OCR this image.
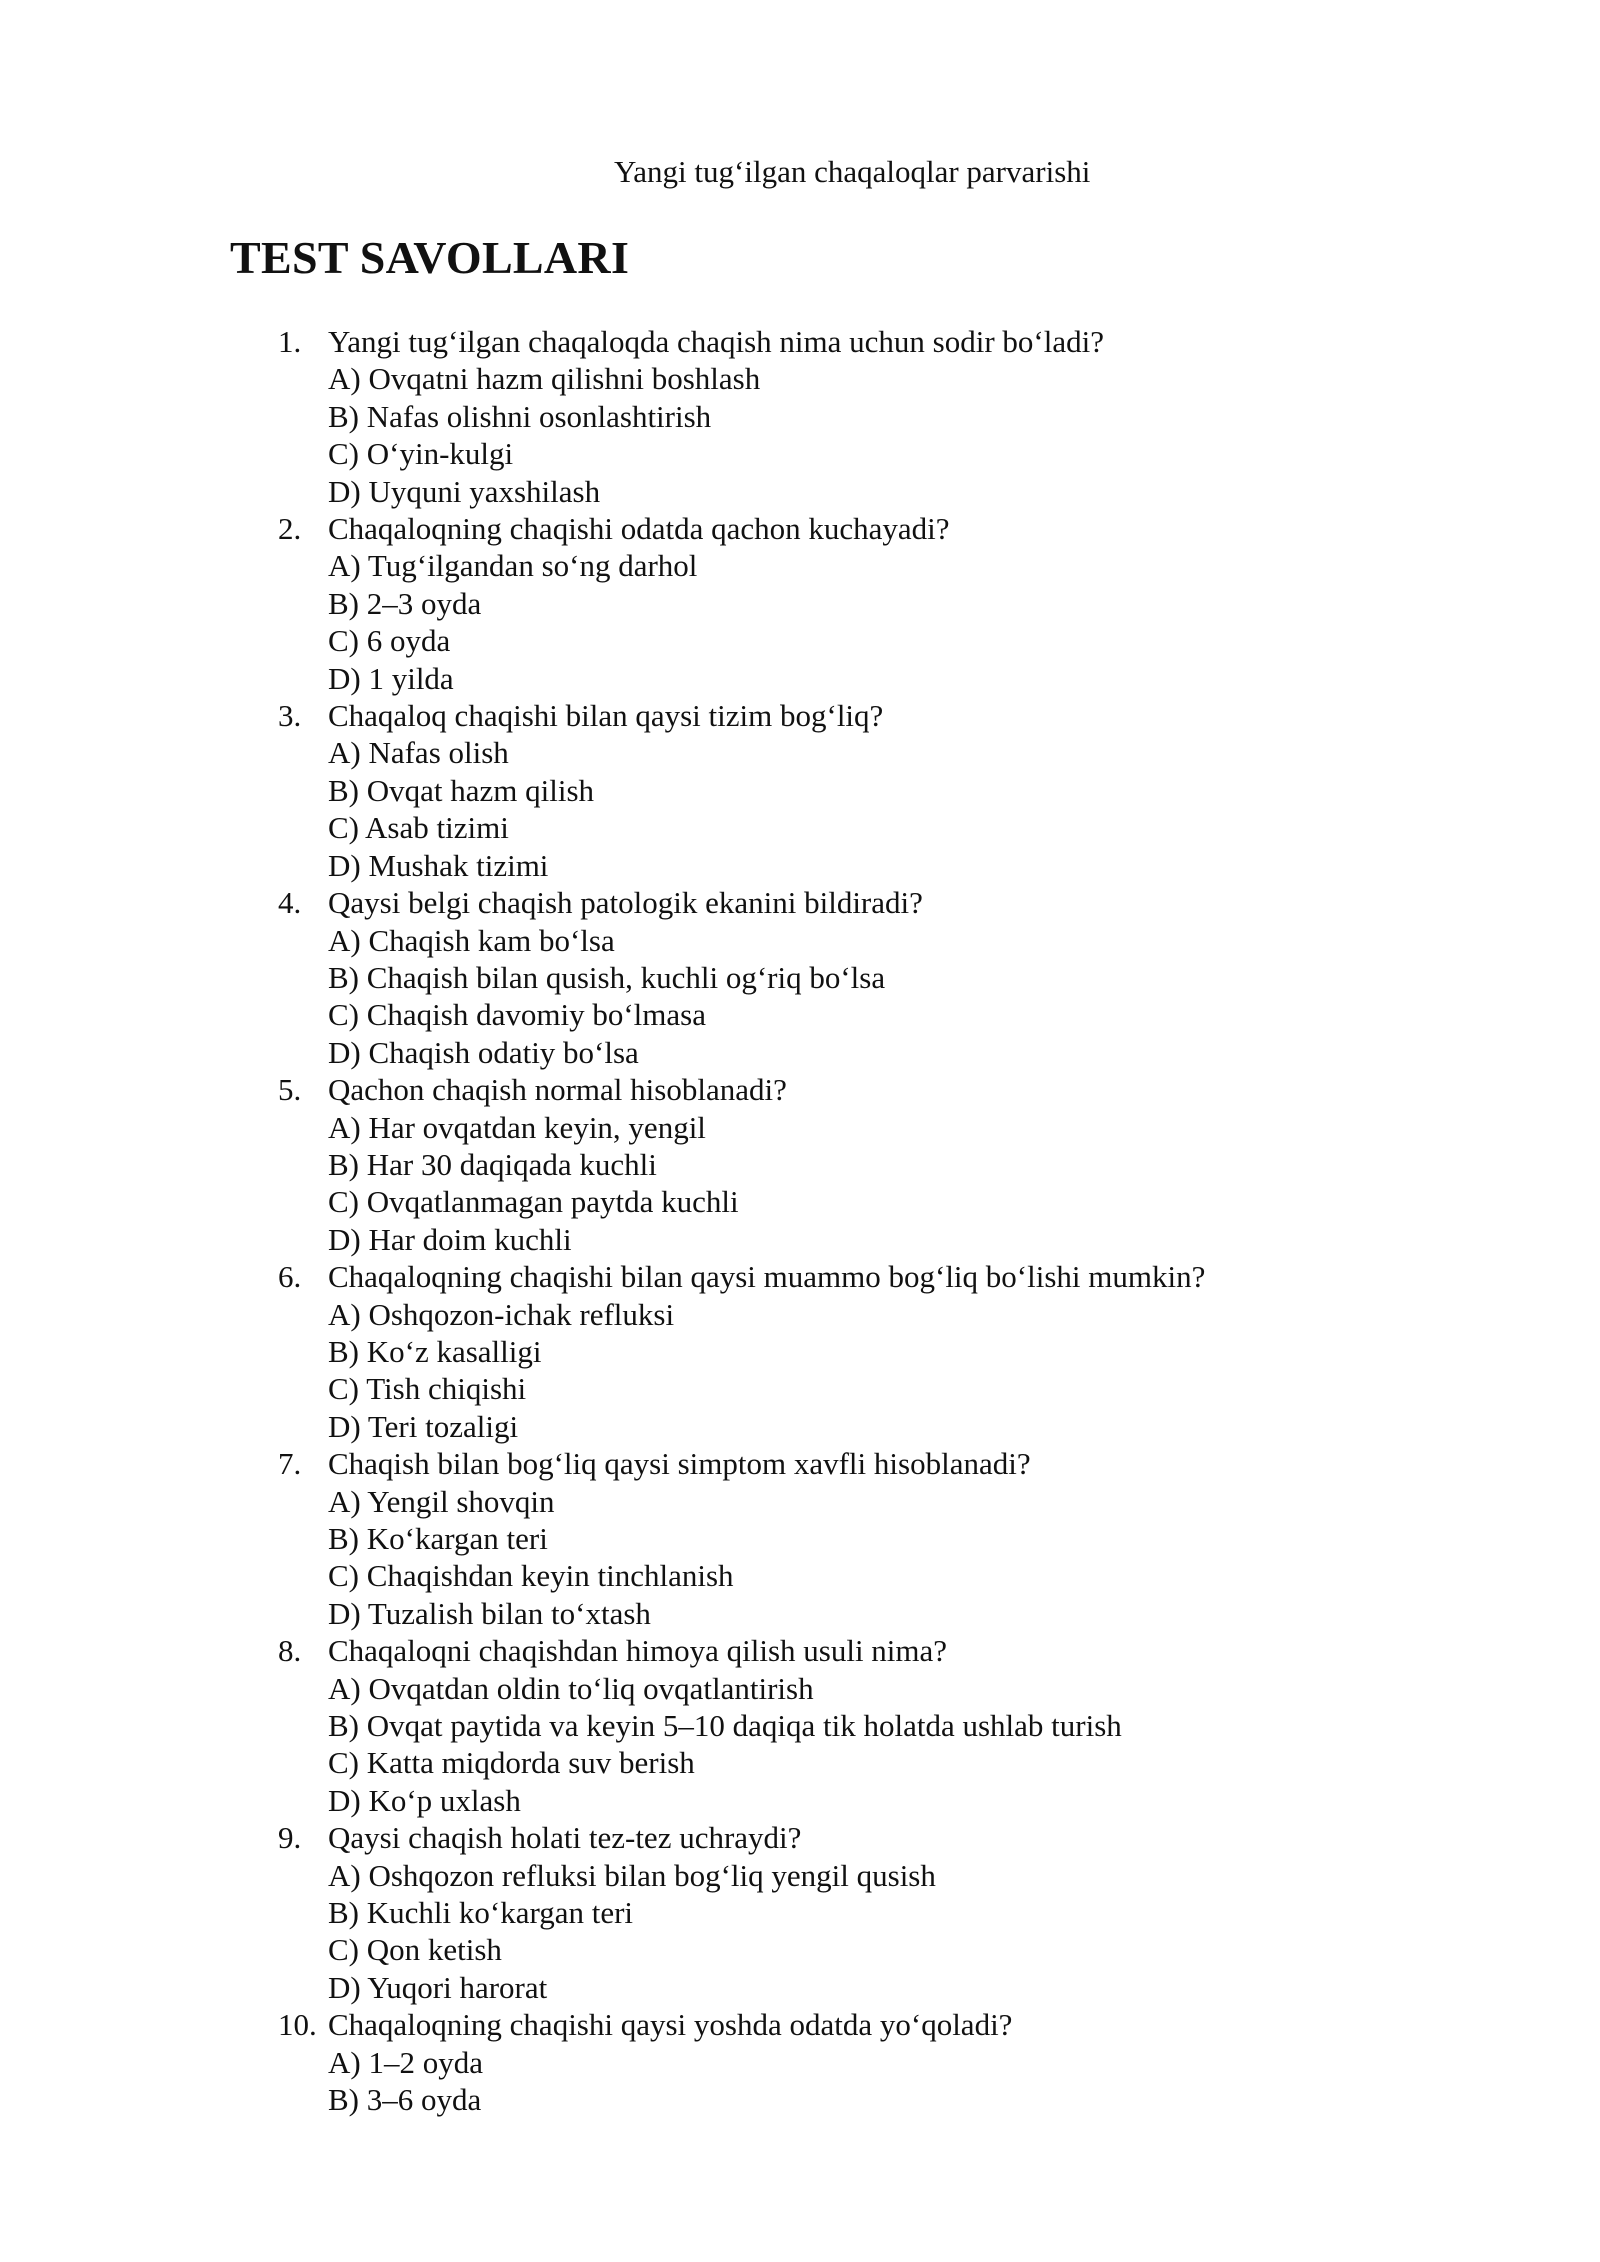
Yangi tug‘ilgan chaqaloqlar parvarishi
TEST SAVOLLARI
1. Yangi tug‘ilgan chaqaloqda chaqish nima uchun sodir bo‘ladi?
A) Ovqatni hazm qilishni boshlash
B) Nafas olishni osonlashtirish
C) O‘yin-kulgi
D) Uyquni yaxshilash
2. Chaqaloqning chaqishi odatda qachon kuchayadi?
A) Tug‘ilgandan so‘ng darhol
B) 2–3 oyda
C) 6 oyda
D) 1 yilda
3. Chaqaloq chaqishi bilan qaysi tizim bog‘liq?
A) Nafas olish
B) Ovqat hazm qilish
C) Asab tizimi
D) Mushak tizimi
4. Qaysi belgi chaqish patologik ekanini bildiradi?
A) Chaqish kam bo‘lsa
B) Chaqish bilan qusish, kuchli og‘riq bo‘lsa
C) Chaqish davomiy bo‘lmasa
D) Chaqish odatiy bo‘lsa
5. Qachon chaqish normal hisoblanadi?
A) Har ovqatdan keyin, yengil
B) Har 30 daqiqada kuchli
C) Ovqatlanmagan paytda kuchli
D) Har doim kuchli
6. Chaqaloqning chaqishi bilan qaysi muammo bog‘liq bo‘lishi mumkin?
A) Oshqozon-ichak refluksi
B) Ko‘z kasalligi
C) Tish chiqishi
D) Teri tozaligi
7. Chaqish bilan bog‘liq qaysi simptom xavfli hisoblanadi?
A) Yengil shovqin
B) Ko‘kargan teri
C) Chaqishdan keyin tinchlanish
D) Tuzalish bilan to‘xtash
8. Chaqaloqni chaqishdan himoya qilish usuli nima?
A) Ovqatdan oldin to‘liq ovqatlantirish
B) Ovqat paytida va keyin 5–10 daqiqa tik holatda ushlab turish
C) Katta miqdorda suv berish
D) Ko‘p uxlash
9. Qaysi chaqish holati tez-tez uchraydi?
A) Oshqozon refluksi bilan bog‘liq yengil qusish
B) Kuchli ko‘kargan teri
C) Qon ketish
D) Yuqori harorat
10. Chaqaloqning chaqishi qaysi yoshda odatda yo‘qoladi?
A) 1–2 oyda
B) 3–6 oyda
